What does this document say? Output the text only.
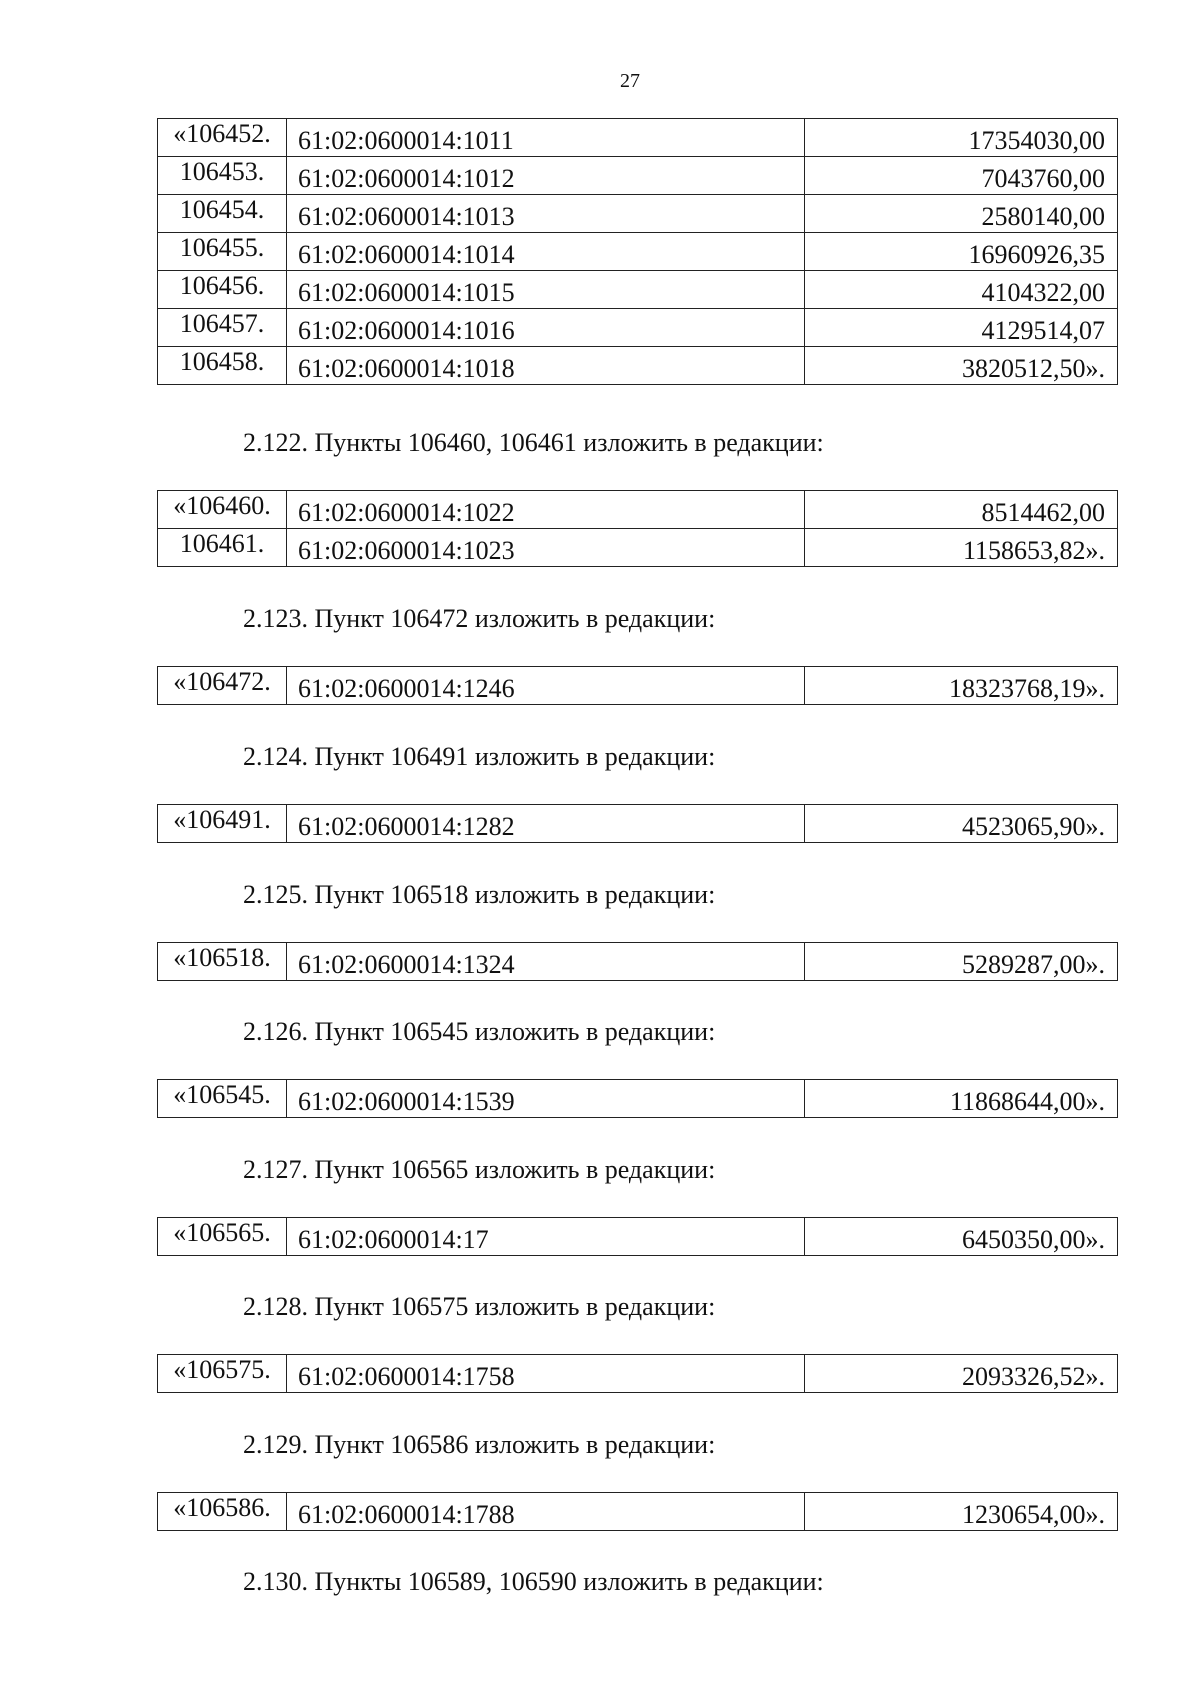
27
«106452.	61:02:0600014:1011	17354030,00
106453.	61:02:0600014:1012	7043760,00
106454.	61:02:0600014:1013	2580140,00
106455.	61:02:0600014:1014	16960926,35
106456.	61:02:0600014:1015	4104322,00
106457.	61:02:0600014:1016	4129514,07
106458.	61:02:0600014:1018	3820512,50».
2.122. Пункты 106460, 106461 изложить в редакции:
«106460.	61:02:0600014:1022	8514462,00
106461.	61:02:0600014:1023	1158653,82».
2.123. Пункт 106472 изложить в редакции:
«106472.	61:02:0600014:1246	18323768,19».
2.124. Пункт 106491 изложить в редакции:
«106491.	61:02:0600014:1282	4523065,90».
2.125. Пункт 106518 изложить в редакции:
«106518.	61:02:0600014:1324	5289287,00».
2.126. Пункт 106545 изложить в редакции:
«106545.	61:02:0600014:1539	11868644,00».
2.127. Пункт 106565 изложить в редакции:
«106565.	61:02:0600014:17	6450350,00».
2.128. Пункт 106575 изложить в редакции:
«106575.	61:02:0600014:1758	2093326,52».
2.129. Пункт 106586 изложить в редакции:
«106586.	61:02:0600014:1788	1230654,00».
2.130. Пункты 106589, 106590 изложить в редакции:
